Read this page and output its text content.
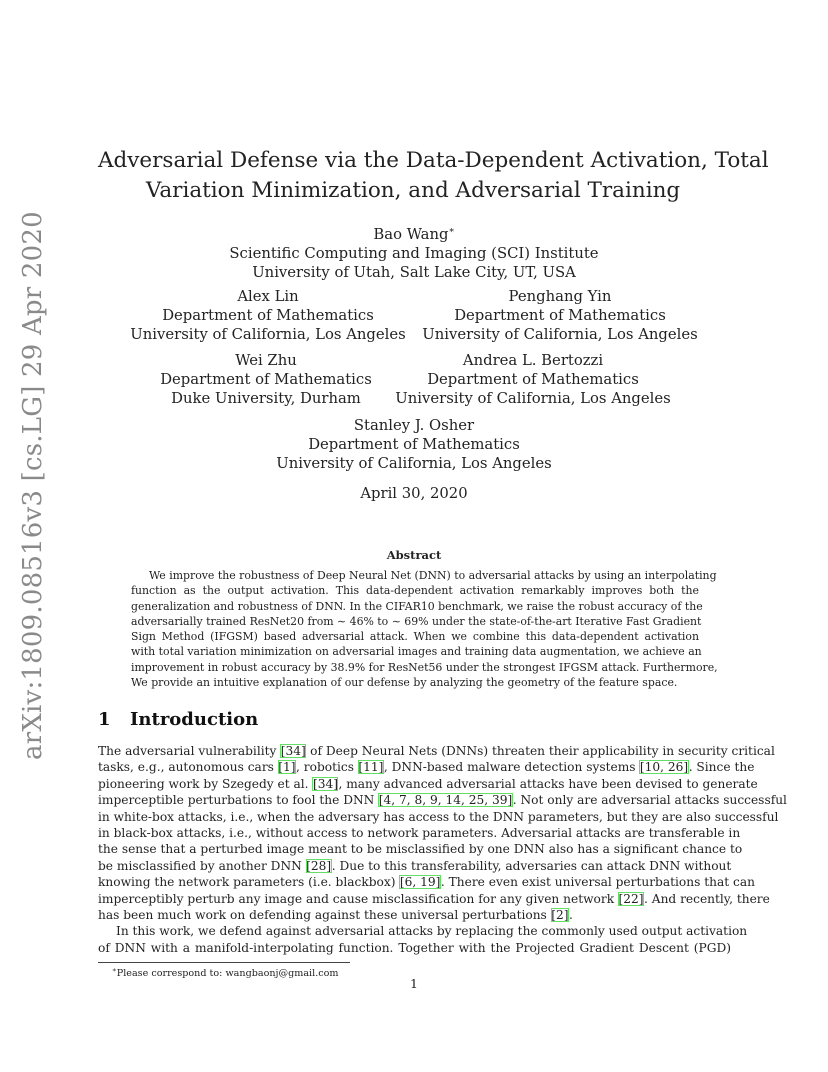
arXiv:1809.08516v3 [cs.LG] 29 Apr 2020
Adversarial Defense via the Data-Dependent Activation, Total
Variation Minimization, and Adversarial Training
Bao Wang∗
Scientific Computing and Imaging (SCI) Institute
University of Utah, Salt Lake City, UT, USA
Alex Lin
Department of Mathematics
University of California, Los Angeles
Penghang Yin
Department of Mathematics
University of California, Los Angeles
Wei Zhu
Department of Mathematics
Duke University, Durham
Andrea L. Bertozzi
Department of Mathematics
University of California, Los Angeles
Stanley J. Osher
Department of Mathematics
University of California, Los Angeles
April 30, 2020
Abstract
We improve the robustness of Deep Neural Net (DNN) to adversarial attacks by using an interpolating
function as the output activation. This data-dependent activation remarkably improves both the
generalization and robustness of DNN. In the CIFAR10 benchmark, we raise the robust accuracy of the
adversarially trained ResNet20 from ∼ 46% to ∼ 69% under the state-of-the-art Iterative Fast Gradient
Sign Method (IFGSM) based adversarial attack. When we combine this data-dependent activation
with total variation minimization on adversarial images and training data augmentation, we achieve an
improvement in robust accuracy by 38.9% for ResNet56 under the strongest IFGSM attack. Furthermore,
We provide an intuitive explanation of our defense by analyzing the geometry of the feature space.
1 Introduction
The adversarial vulnerability [34] of Deep Neural Nets (DNNs) threaten their applicability in security critical
tasks, e.g., autonomous cars [1], robotics [11], DNN-based malware detection systems [10, 26]. Since the
pioneering work by Szegedy et al. [34], many advanced adversarial attacks have been devised to generate
imperceptible perturbations to fool the DNN [4, 7, 8, 9, 14, 25, 39]. Not only are adversarial attacks successful
in white-box attacks, i.e., when the adversary has access to the DNN parameters, but they are also successful
in black-box attacks, i.e., without access to network parameters. Adversarial attacks are transferable in
the sense that a perturbed image meant to be misclassified by one DNN also has a significant chance to
be misclassified by another DNN [28]. Due to this transferability, adversaries can attack DNN without
knowing the network parameters (i.e. blackbox) [6, 19]. There even exist universal perturbations that can
imperceptibly perturb any image and cause misclassification for any given network [22]. And recently, there
has been much work on defending against these universal perturbations [2].
In this work, we defend against adversarial attacks by replacing the commonly used output activation
of DNN with a manifold-interpolating function. Together with the Projected Gradient Descent (PGD)
∗Please correspond to: wangbaonj@gmail.com
1
